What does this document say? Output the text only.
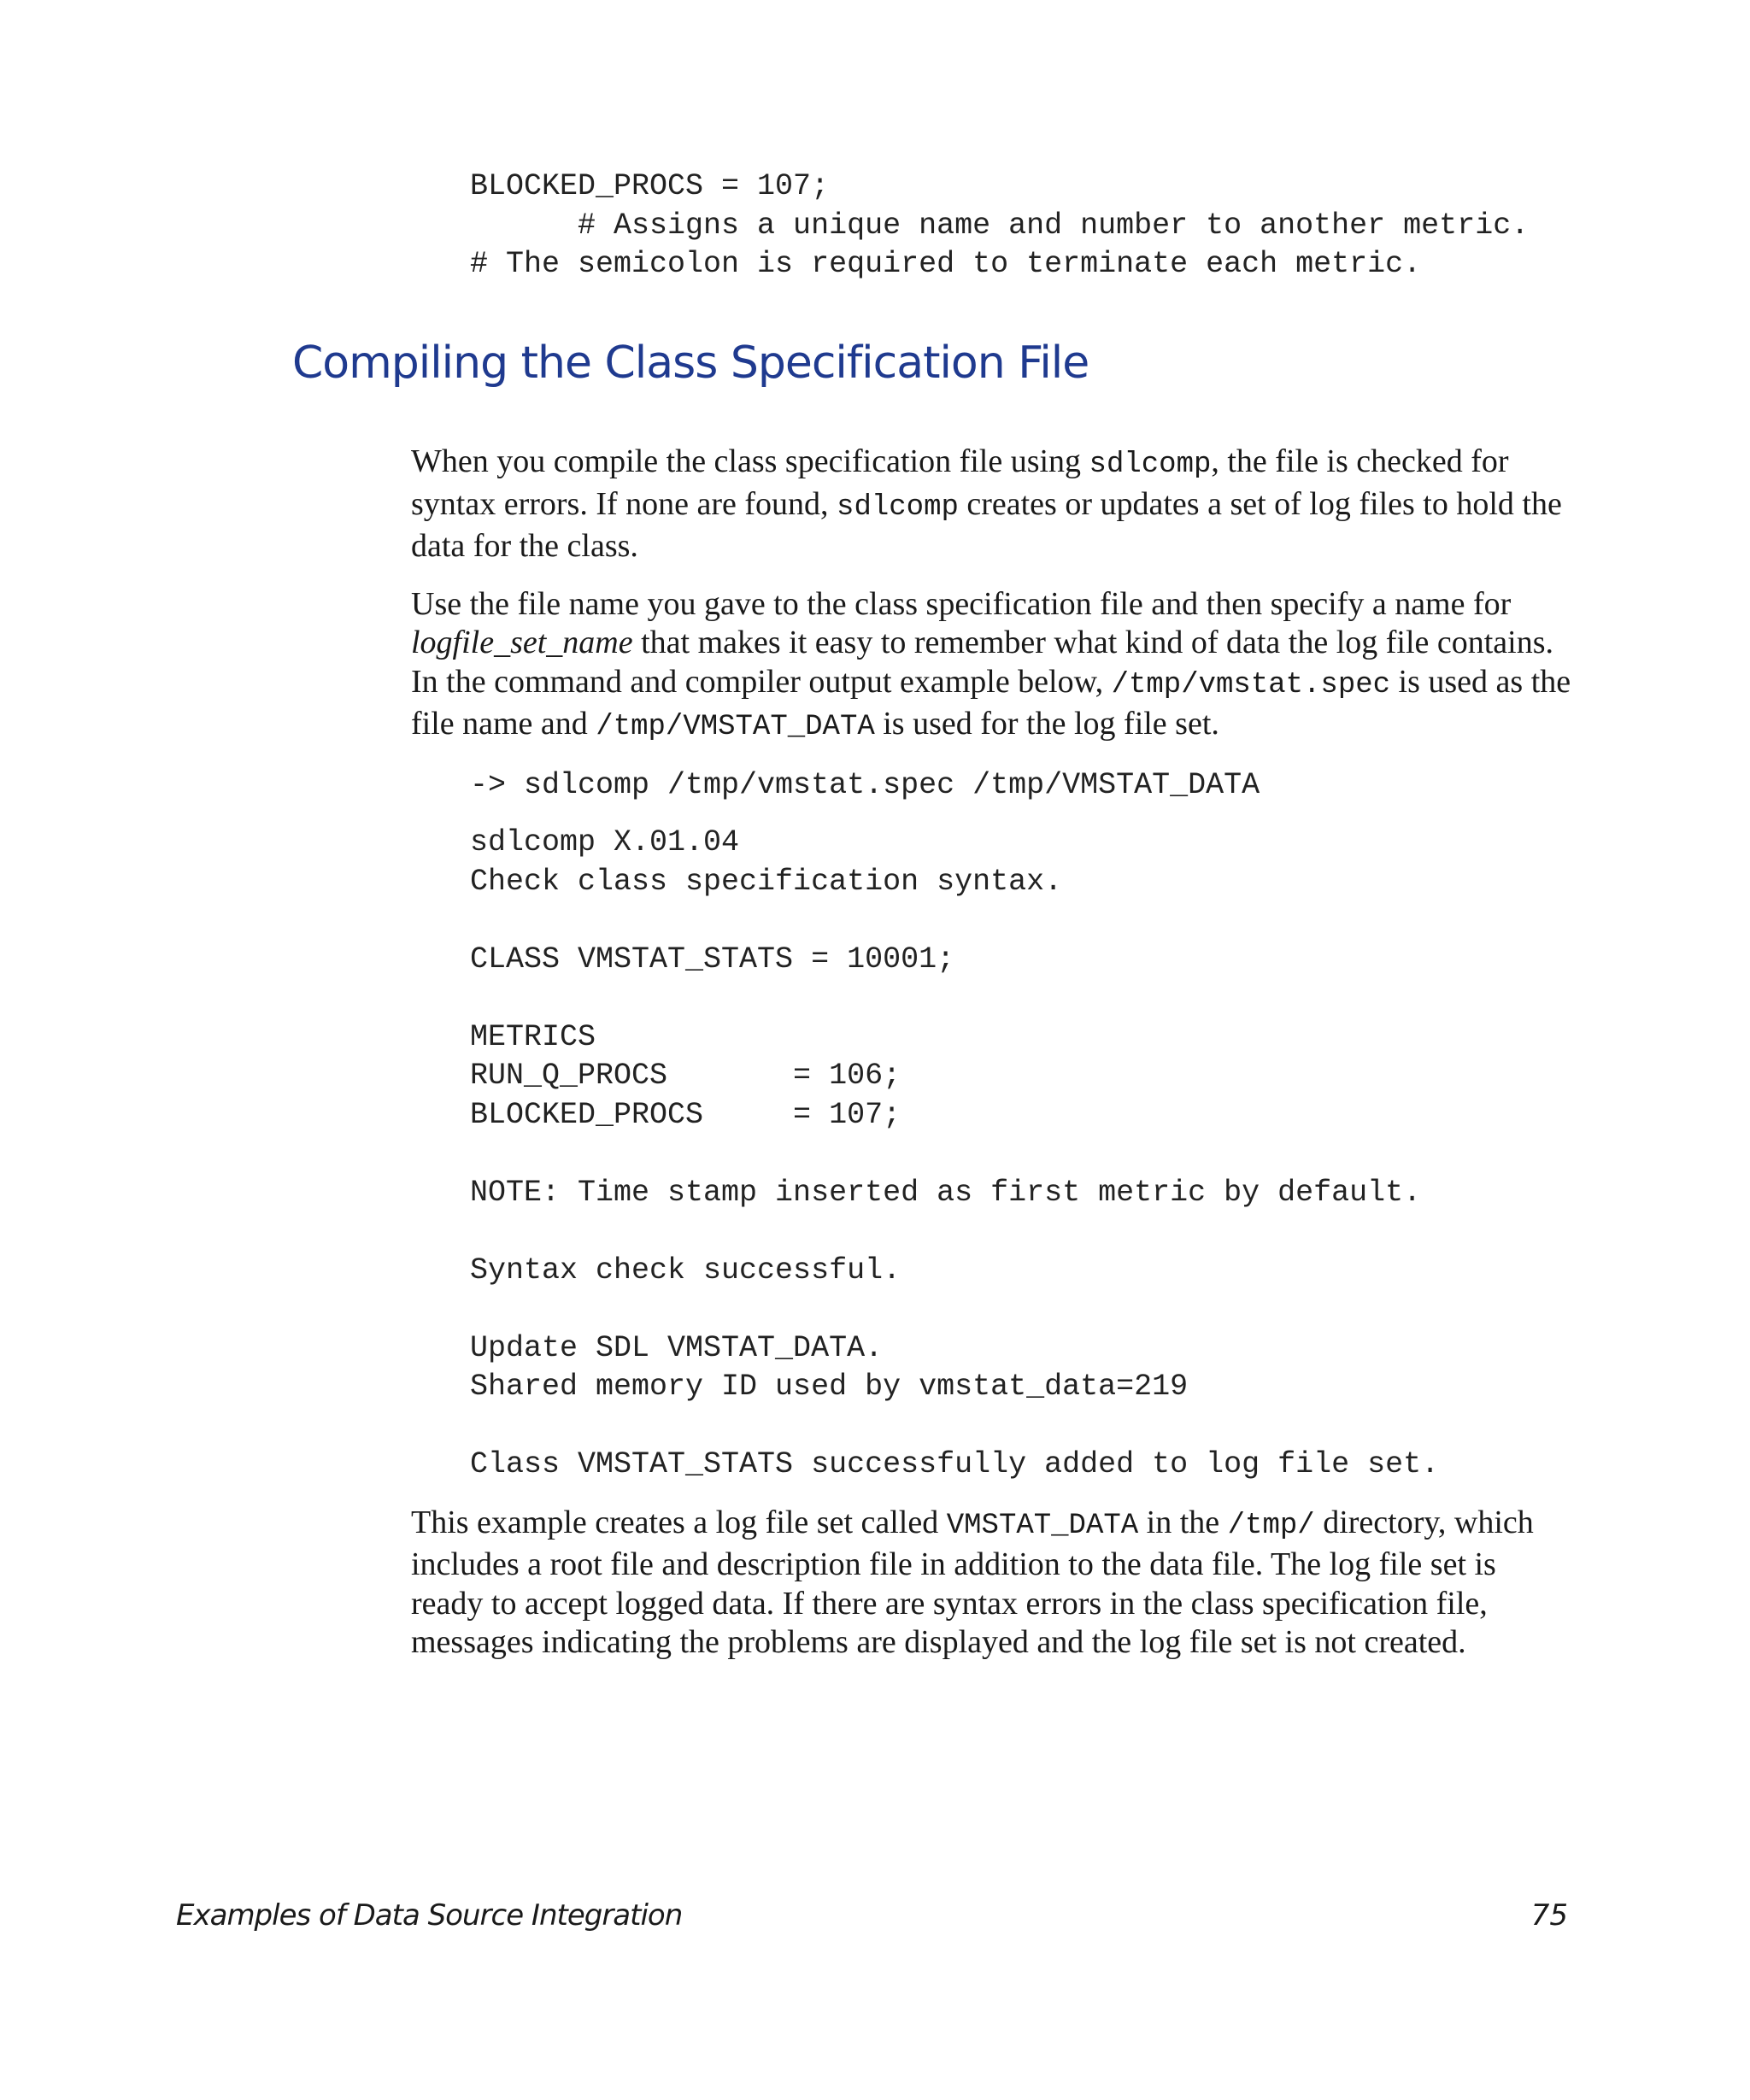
BLOCKED_PROCS = 107;
# Assigns a unique name and number to another metric.
# The semicolon is required to terminate each metric.
Compiling the Class Specification File

When you compile the class specification file using sdlcomp, the file is checked for syntax errors. If none are found, sdlcomp creates or updates a set of log files to hold the data for the class.

Use the file name you gave to the class specification file and then specify a name for logfile_set_name that makes it easy to remember what kind of data the log file contains. In the command and compiler output example below, /tmp/vmstat.spec is used as the file name and /tmp/VMSTAT_DATA is used for the log file set.

-> sdlcomp /tmp/vmstat.spec /tmp/VMSTAT_DATA
sdlcomp X.01.04
Check class specification syntax.

CLASS VMSTAT_STATS = 10001;

METRICS
RUN_Q_PROCS       = 106;
BLOCKED_PROCS     = 107;

NOTE: Time stamp inserted as first metric by default.

Syntax check successful.

Update SDL VMSTAT_DATA.
Shared memory ID used by vmstat_data=219

Class VMSTAT_STATS successfully added to log file set.

This example creates a log file set called VMSTAT_DATA in the /tmp/ directory, which includes a root file and description file in addition to the data file. The log file set is ready to accept logged data. If there are syntax errors in the class specification file, messages indicating the problems are displayed and the log file set is not created.

Examples of Data Source Integration	75
